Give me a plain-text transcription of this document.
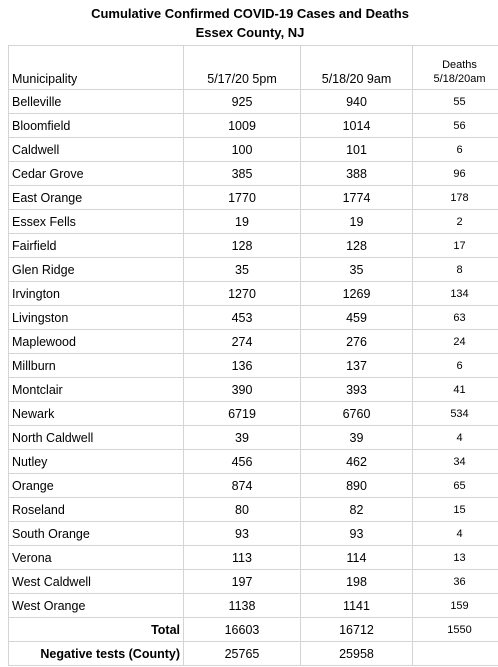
Cumulative Confirmed COVID-19 Cases and Deaths
Essex County, NJ
Municipality	5/17/20 5pm	5/18/20 9am	Deaths
5/18/20am

Belleville	925	940	55
Bloomfield	1009	1014	56
Caldwell	100	101	6
Cedar Grove	385	388	96
East Orange	1770	1774	178
Essex Fells	19	19	2
Fairfield	128	128	17
Glen Ridge	35	35	8
Irvington	1270	1269	134
Livingston	453	459	63
Maplewood	274	276	24
Millburn	136	137	6
Montclair	390	393	41
Newark	6719	6760	534
North Caldwell	39	39	4
Nutley	456	462	34
Orange	874	890	65
Roseland	80	82	15
South Orange	93	93	4
Verona	113	114	13
West Caldwell	197	198	36
West Orange	1138	1141	159
Total	16603	16712	1550
Negative tests (County)	25765	25958	
